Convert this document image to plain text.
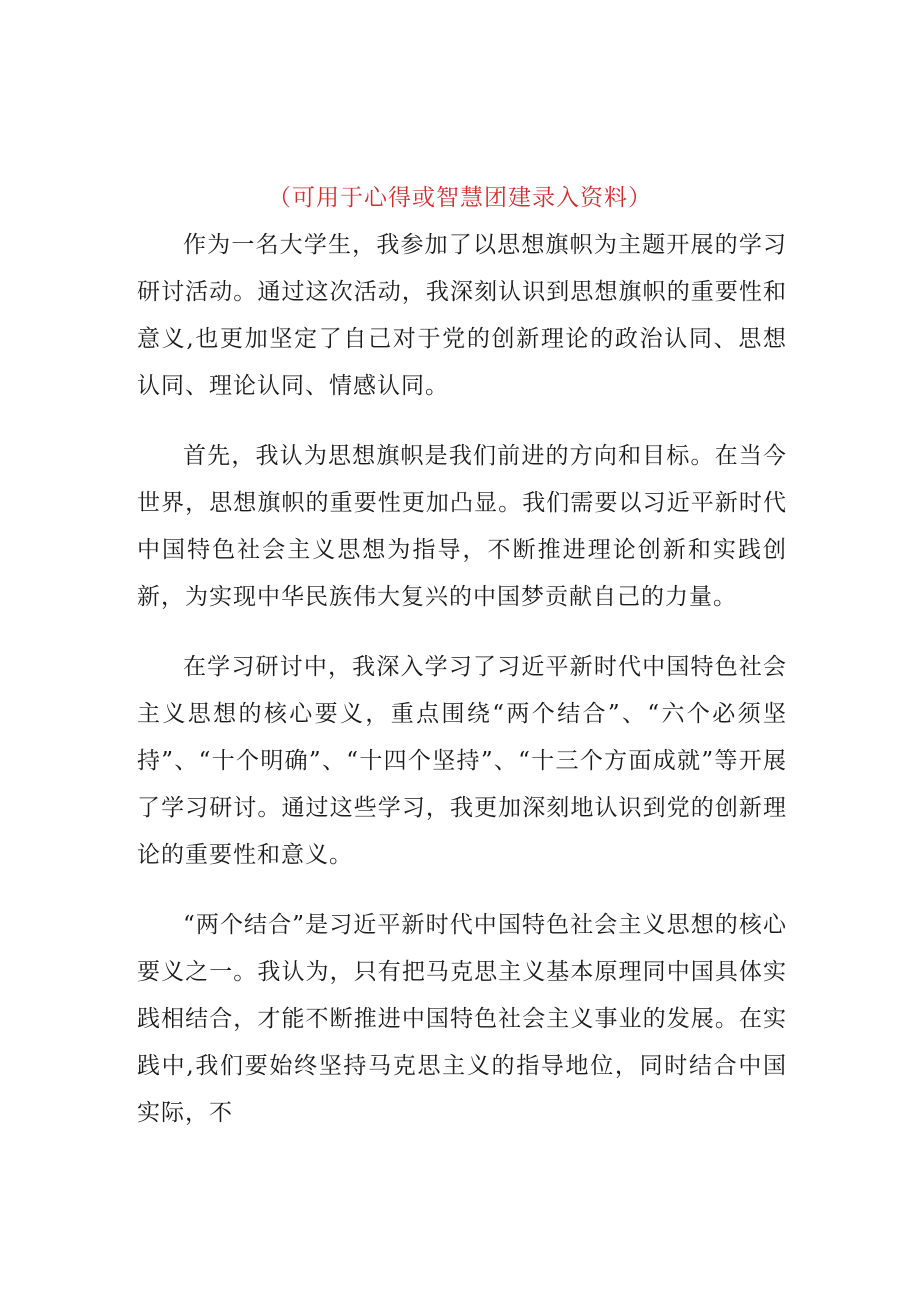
（可用于心得或智慧团建录入资料）

作为一名大学生，我参加了以思想旗帜为主题开展的学习研讨活动。通过这次活动，我深刻认识到思想旗帜的重要性和意义,也更加坚定了自己对于党的创新理论的政治认同、思想认同、理论认同、情感认同。

首先，我认为思想旗帜是我们前进的方向和目标。在当今世界，思想旗帜的重要性更加凸显。我们需要以习近平新时代中国特色社会主义思想为指导，不断推进理论创新和实践创新，为实现中华民族伟大复兴的中国梦贡献自己的力量。

在学习研讨中，我深入学习了习近平新时代中国特色社会主义思想的核心要义，重点围绕“两个结合”、“六个必须坚持”、“十个明确”、“十四个坚持”、“十三个方面成就”等开展了学习研讨。通过这些学习，我更加深刻地认识到党的创新理论的重要性和意义。

“两个结合”是习近平新时代中国特色社会主义思想的核心要义之一。我认为，只有把马克思主义基本原理同中国具体实践相结合，才能不断推进中国特色社会主义事业的发展。在实践中,我们要始终坚持马克思主义的指导地位，同时结合中国实际，不
